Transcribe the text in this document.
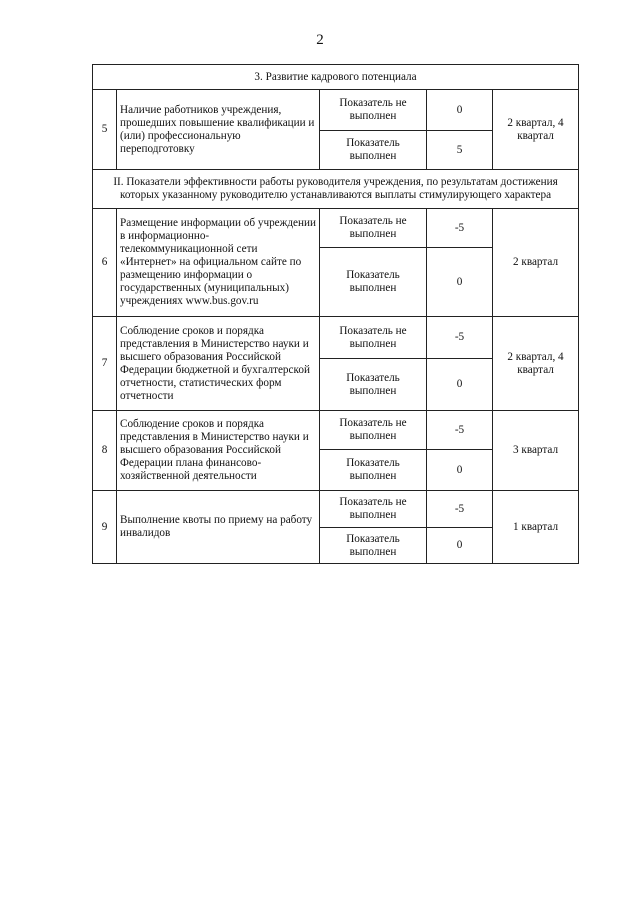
2
3. Развитие кадрового потенциала				
5	Наличие работников учреждения, прошедших повышение квалификации и (или) профессиональную переподготовку	Показатель не выполнен	0	2 квартал, 4 квартал
		Показатель выполнен	5	
II. Показатели эффективности работы руководителя учреждения, по результатам достижения которых указанному руководителю устанавливаются выплаты стимулирующего характера				
6	Размещение информации об учреждении в информационно-телекоммуникационной сети «Интернет» на официальном сайте по размещению информации о государственных (муниципальных) учреждениях www.bus.gov.ru	Показатель не выполнен	-5	2 квартал
		Показатель выполнен	0	
7	Соблюдение сроков и порядка представления в Министерство науки и высшего образования Российской Федерации бюджетной и бухгалтерской отчетности, статистических форм отчетности	Показатель не выполнен	-5	2 квартал, 4 квартал
		Показатель выполнен	0	
8	Соблюдение сроков и порядка представления в Министерство науки и высшего образования Российской Федерации плана финансово-хозяйственной деятельности	Показатель не выполнен	-5	3 квартал
		Показатель выполнен	0	
9	Выполнение квоты по приему на работу инвалидов	Показатель не выполнен	-5	1 квартал
		Показатель выполнен	0	
